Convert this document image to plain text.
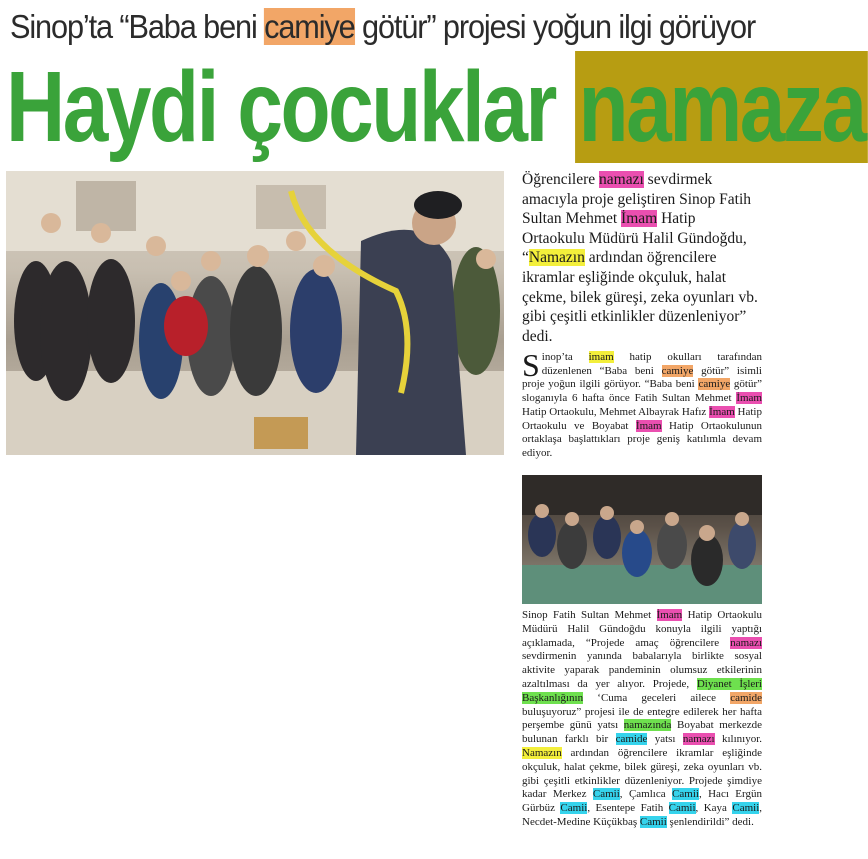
Sinop’ta “Baba beni camiye götür” projesi yoğun ilgi görüyor
Haydi çocuklar namaza

Öğrencilere namazı sevdirmek amacıyla proje geliştiren Sinop Fatih Sultan Mehmet İmam Hatip Ortaokulu Müdürü Halil Gündoğdu, “Namazın ardından öğrencilere ikramlar eşliğinde okçuluk, halat çekme, bilek güreşi, zeka oyunları vb. gibi çeşitli etkinlikler düzenleniyor” dedi.

Sinop’ta imam hatip okulları tarafından düzenlenen “Baba beni camiye götür” isimli proje yoğun ilgili görüyor. “Baba beni camiye götür” sloganıyla 6 hafta önce Fatih Sultan Mehmet İmam Hatip Ortaokulu, Mehmet Albayrak Hafız İmam Hatip Ortaokulu ve Boyabat İmam Hatip Ortaokulunun ortaklaşa başlattıkları proje geniş katılımla devam ediyor.
Sinop Fatih Sultan Mehmet İmam Hatip Ortaokulu Müdürü Halil Gündoğdu konuyla ilgili yaptığı açıklamada, “Projede amaç öğrencilere namazı sevdirmenin yanında babalarıyla birlikte sosyal aktivite yaparak pandeminin olumsuz etkilerinin azaltılması da yer alıyor. Projede, Diyanet İşleri Başkanlığının ‘Cuma geceleri ailece camide buluşuyoruz” projesi ile de entegre edilerek her hafta perşembe günü yatsı namazında Boyabat merkezde bulunan farklı bir camide yatsı namazı kılınıyor. Namazın ardından öğrencilere ikramlar eşliğinde okçuluk, halat çekme, bilek güreşi, zeka oyunları vb. gibi çeşitli etkinlikler düzenleniyor. Projede şimdiye kadar Merkez Camii, Çamlıca Camii, Hacı Ergün Gürbüz Camii, Esentepe Fatih Camii, Kaya Camii, Necdet-Medine Küçükbaş Camii şenlendirildi” dedi.
